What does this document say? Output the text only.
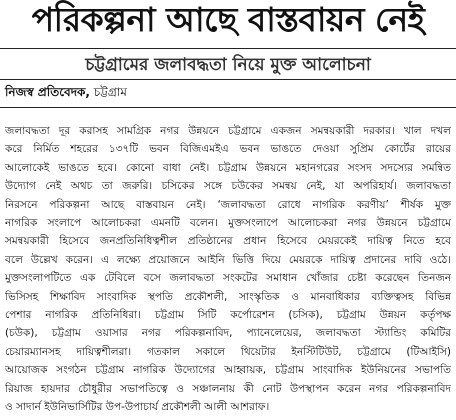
পরিকল্পনা আছে বাস্তবায়ন নেই
চট্টগ্রামের জলাবদ্ধতা নিয়ে মুক্ত আলোচনা
নিজস্ব প্রতিবেদক, চট্টগ্রাম
জলাবদ্ধতা দূর করাসহ সামগ্রিক নগর উন্নয়নে চট্টগ্রামে একজন সমন্বয়কারী দরকার। খাল দখল
করে নির্মিত শহরের ১৩৭টি ভবন বিজিএমইএ ভবন ভাঙতে দেওয়া সুপ্রিম কোর্টের রায়ের
আলোকেই ভাঙতে হবে। কোনো বাধা নেই। চট্টগ্রাম উন্নয়নে মহানগরের সংসদ সদস্যের সমন্বিত
উদ্যোগ নেই অথচ তা জরুরি। চসিকের সঙ্গে চউকের সমন্বয় নেই, যা অপরিহার্য। জলাবদ্ধতা
নিরসনে পরিকল্পনা আছে বাস্তবায়ন নেই। ‘জলাবদ্ধতা রোধে নাগরিক করণীয়’ শীর্ষক মুক্ত
নাগরিক সংলাপে আলোচকরা এমনটি বলেন। মুক্তসংলাপে আলোচকরা নগর উন্নয়নে চট্টগ্রামে
সমন্বয়কারী হিসেবে জনপ্রতিনিধিত্বশীল প্রতিষ্ঠানের প্রধান হিসেবে মেয়রকেই দায়িত্ব নিতে হবে
বলে উল্লেখ করেন। এ লক্ষ্যে প্রয়োজনে আইনি ভিত্তি দিয়ে মেয়রকে দায়িত্ব প্রদানের দাবি ওঠে।
মুক্তসংলাপটিতে এক টেবিলে বসে জলাবদ্ধতা সংকটের সমাধান খোঁজার চেষ্টা করেছেন তিনজন
ভিসিসহ শিক্ষাবিদ সাংবাদিক স্থপতি প্রকৌশলী, সাংস্কৃতিক ও মানবাধিকার ব্যক্তিত্বসহ বিভিন্ন
পেশার নাগরিক প্রতিনিধিরা। চট্টগ্রাম সিটি কর্পোরেশন (চসিক), চট্টগ্রাম উন্নয়ন কর্তৃপক্ষ
(চউক), চট্টগ্রাম ওয়াসার নগর পরিকল্পনাবিদ, প্যানেলেয়ের, জলাবদ্ধতা স্ট্যান্ডিং কমিটির
চেয়ারম্যানসহ দায়িত্বশীলরা। গতকাল সকালে থিয়েটার ইনস্টিটিউট, চট্টগ্রামে (টিআইসি)
আয়োজক সংগঠন চট্টগ্রাম নাগরিক উদ্যোগের আহ্বায়ক, চট্টগ্রাম সাংবাদিক ইউনিয়নের সভাপতি
রিয়াজ হায়দার চৌধুরীর সভাপতিত্বে ও সঞ্চালনায় কী নোট উপস্থাপন করেন নগর পরিকল্পনাবিদ
ও সাদার্ন ইউনিভার্সিটির উপ-উপাচার্য প্রকৌশলী আলী আশরাফ।
